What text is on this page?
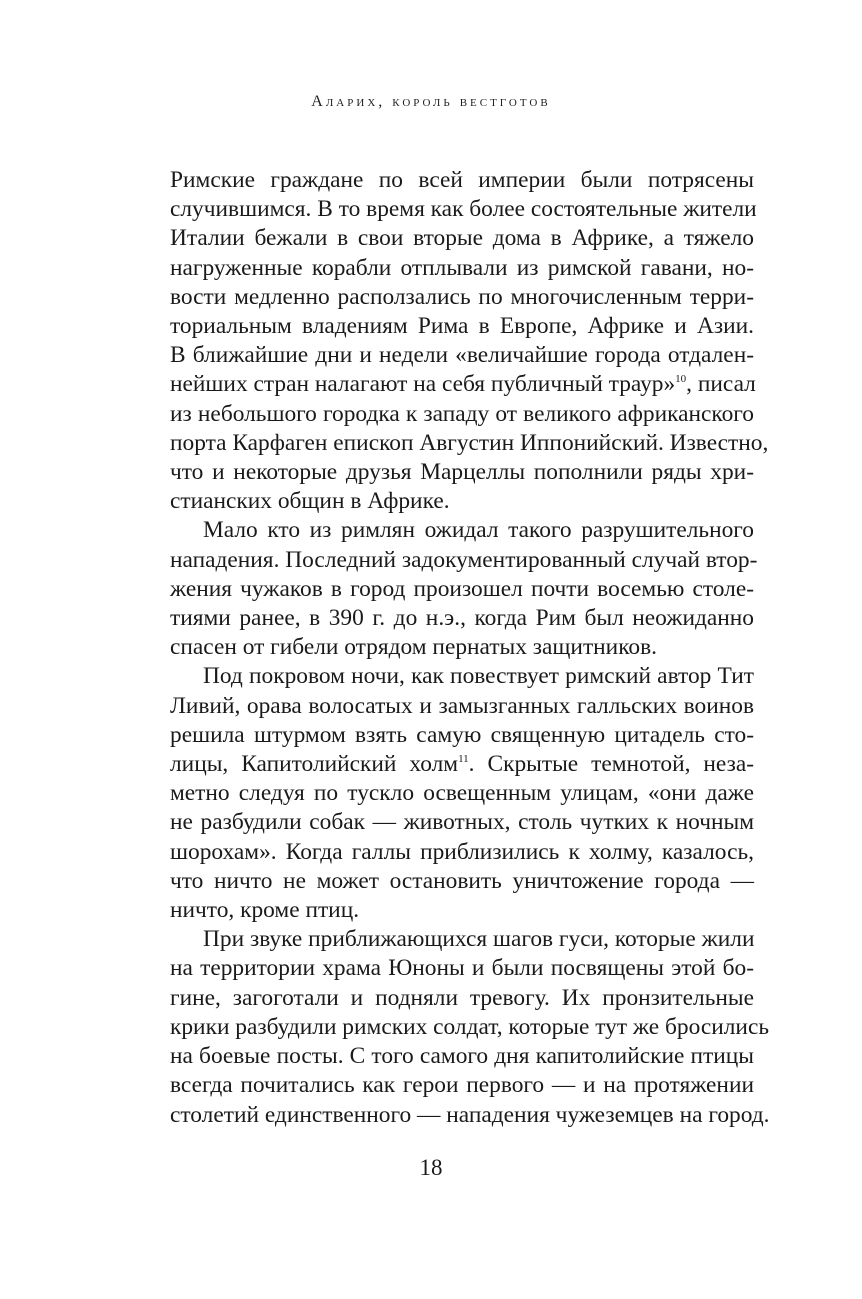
Аларих, король вестготов

Римские граждане по всей империи были потрясены
случившимся. В то время как более состоятельные жители
Италии бежали в свои вторые дома в Африке, а тяжело
нагруженные корабли отплывали из римской гавани, но-
вости медленно расползались по многочисленным терри-
ториальным владениям Рима в Европе, Африке и Азии.
В ближайшие дни и недели «величайшие города отдален-
нейших стран налагают на себя публичный траур»$^{10}$, писал
из небольшого городка к западу от великого африканского
порта Карфаген епископ Августин Иппонийский. Известно,
что и некоторые друзья Марцеллы пополнили ряды хри-
стианских общин в Африке.

Мало кто из римлян ожидал такого разрушительного
нападения. Последний задокументированный случай втор-
жения чужаков в город произошел почти восемью столе-
тиями ранее, в 390 г. до н.э., когда Рим был неожиданно
спасен от гибели отрядом пернатых защитников.

Под покровом ночи, как повествует римский автор Тит
Ливий, орава волосатых и замызганных галльских воинов
решила штурмом взять самую священную цитадель сто-
лицы, Капитолийский холм$^{11}$. Скрытые темнотой, неза-
метно следуя по тускло освещенным улицам, «они даже
не разбудили собак — животных, столь чутких к ночным
шорохам». Когда галлы приблизились к холму, казалось,
что ничто не может остановить уничтожение города —
ничто, кроме птиц.

При звуке приближающихся шагов гуси, которые жили
на территории храма Юноны и были посвящены этой бо-
гине, загоготали и подняли тревогу. Их пронзительные
крики разбудили римских солдат, которые тут же бросились
на боевые посты. С того самого дня капитолийские птицы
всегда почитались как герои первого — и на протяжении
столетий единственного — нападения чужеземцев на город.

18
